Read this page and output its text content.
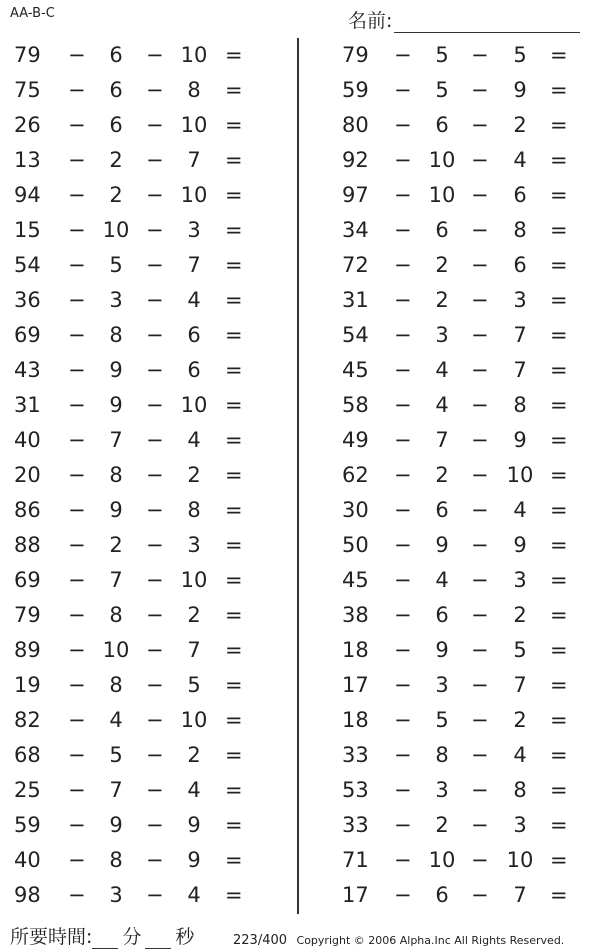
AA-B-C	名前:
79	−	6	− 10 =
75	−	6	−	8	=
26	−	6	− 10 =
13	−	2	−	7	=
94	−	2	− 10 =
15	− 10 −	3	=
54	−	5	−	7	=
36	−	3	−	4	=
69	−	8	−	6	=
43	−	9	−	6	=
31	−	9	− 10 =
40	−	7	−	4	=
20	−	8	−	2	=
86	−	9	−	8	=
88	−	2	−	3	=
69	−	7	− 10 =
79	−	8	−	2	=
89	− 10 −	7	=
19	−	8	−	5	=
82	−	4	− 10 =
68	−	5	−	2	=
25	−	7	−	4	=
59	−	9	−	9	=
40	−	8	−	9	=
98	−	3	−	4	=
79	−	5	−	5	=
59	−	5	−	9	=
80	−	6	−	2	=
92	− 10 −	4	=
97	− 10 −	6	=
34	−	6	−	8	=
72	−	2	−	6	=
31	−	2	−	3	=
54	−	3	−	7	=
45	−	4	−	7	=
58	−	4	−	8	=
49	−	7	−	9	=
62	−	2	− 10 =
30	−	6	−	4	=
50	−	9	−	9	=
45	−	4	−	3	=
38	−	6	−	2	=
18	−	9	−	5	=
17	−	3	−	7	=
18	−	5	−	2	=
33	−	8	−	4	=
53	−	3	−	8	=
33	−	2	−	3	=
71	− 10 − 10 =
17	−	6	−	7	=
所要時間: 分 秒	223/400 Copyright © 2006 Alpha.Inc All Rights Reserved.
